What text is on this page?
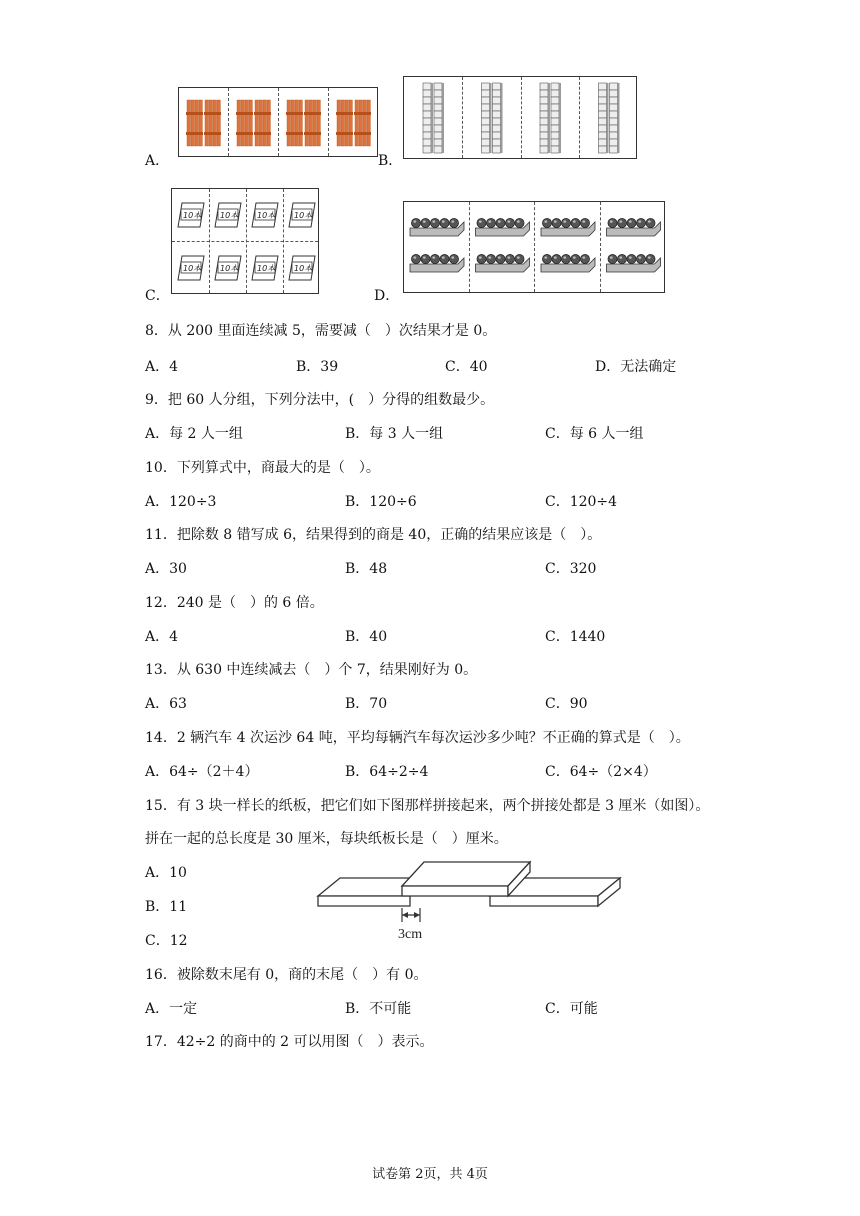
A．	B．
C．
10本 10本 10本 10本
10本 10本 10本 10本
D．
8．从 200 里面连续减 5，需要减（　）次结果才是 0。
A．4	B．39	C．40	D．无法确定
9．把 60 人分组，下列分法中，(　）分得的组数最少。
A．每 2 人一组	B．每 3 人一组	C．每 6 人一组
10．下列算式中，商最大的是（　）。
A．120÷3	B．120÷6	C．120÷4
11．把除数 8 错写成 6，结果得到的商是 40，正确的结果应该是（　）。
A．30	B．48	C．320
12．240 是（　）的 6 倍。
A．4	B．40	C．1440
13．从 630 中连续减去（　）个 7，结果刚好为 0。
A．63	B．70	C．90
14．2 辆汽车 4 次运沙 64 吨，平均每辆汽车每次运沙多少吨？不正确的算式是（　）。
A．64÷（2＋4）	B．64÷2÷4	C．64÷（2×4）
15．有 3 块一样长的纸板，把它们如下图那样拼接起来，两个拼接处都是 3 厘米（如图）。
拼在一起的总长度是 30 厘米，每块纸板长是（　）厘米。
A．10
B．11
C．12	3cm
16．被除数末尾有 0，商的末尾（　）有 0。
A．一定	B．不可能	C．可能
17．42÷2 的商中的 2 可以用图（　）表示。
试卷第 2页，共 4页
